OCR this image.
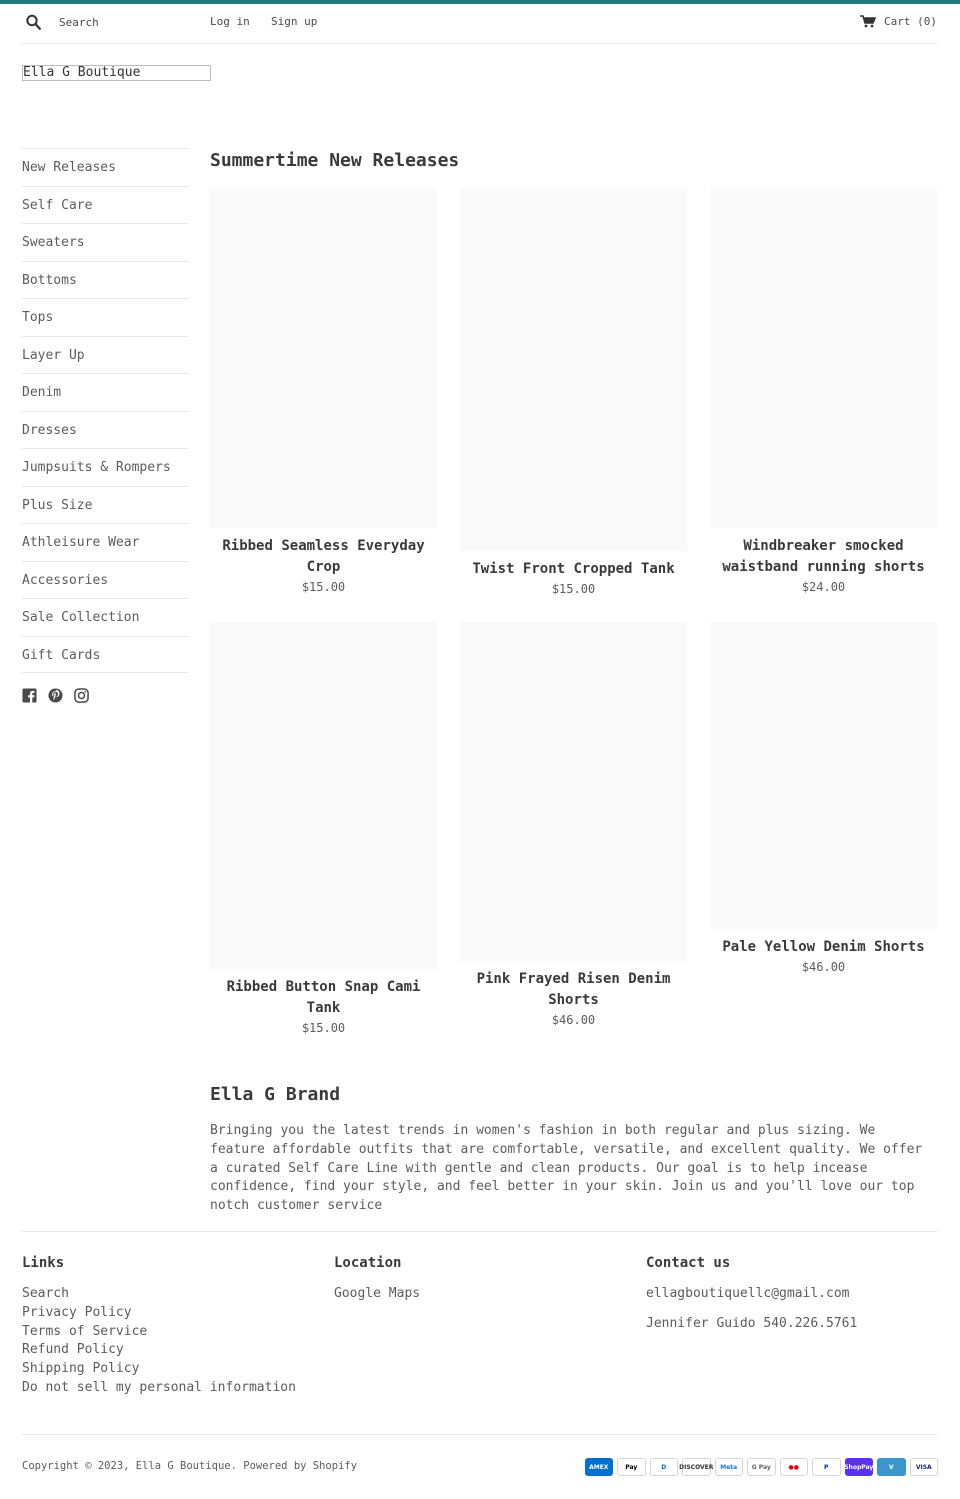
Search
Log in Sign up	Cart (0)
Ella G Boutique
New Releases
Self Care
Sweaters
Bottoms
Tops
Layer Up
Denim
Dresses
Jumpsuits & Rompers
Plus Size
Athleisure Wear
Accessories
Sale Collection
Gift Cards
Summertime New Releases
Ribbed Seamless Everyday Crop
$15.00
Twist Front Cropped Tank
$15.00
Windbreaker smocked waistband running shorts
$24.00
Ribbed Button Snap Cami Tank
$15.00
Pink Frayed Risen Denim Shorts
$46.00
Pale Yellow Denim Shorts
$46.00
Ella G Brand

Bringing you the latest trends in women's fashion in both regular and plus sizing. We feature affordable outfits that are comfortable, versatile, and excellent quality. We offer a curated Self Care Line with gentle and clean products. Our goal is to help incease confidence, find your style, and feel better in your skin. Join us and you'll love our top notch customer service

Links
Search
Privacy Policy
Terms of Service
Refund Policy
Shipping Policy
Do not sell my personal information
Location
Google Maps
Contact us

ellagboutiquellc@gmail.com

Jennifer Guido 540.226.5761

Copyright © 2023, Ella G Boutique. Powered by Shopify	AMEX	Pay	D	DISCOVER	Meta	G Pay	●●	P	ShopPay	V	VISA
